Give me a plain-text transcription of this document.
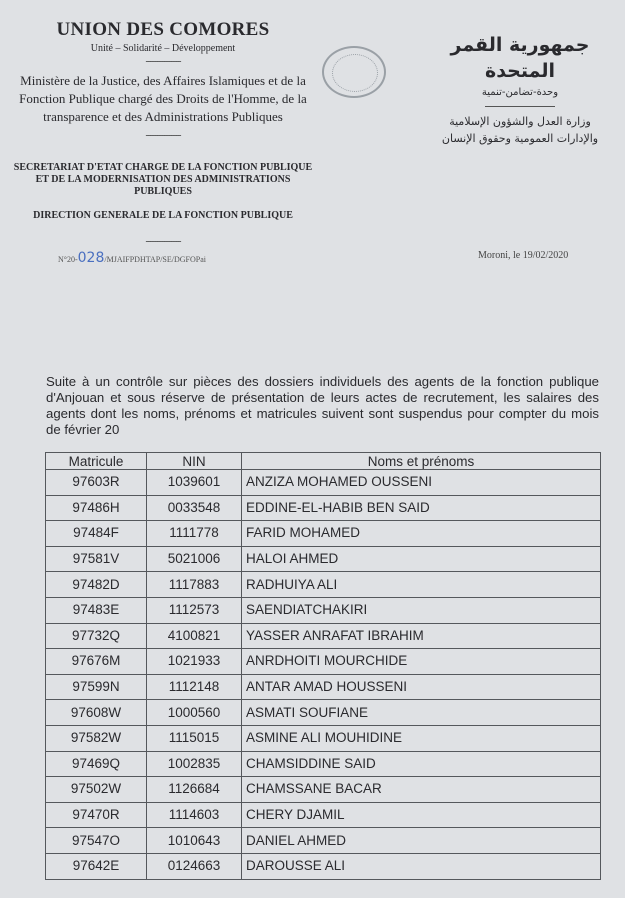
UNION DES COMORES
Unité – Solidarité – Développement
---------------
Ministère de la Justice, des Affaires Islamiques et de la Fonction Publique chargé des Droits de l'Homme, de la transparence et des Administrations Publiques
---------------
SECRETARIAT D'ETAT CHARGE DE LA FONCTION PUBLIQUE ET DE LA MODERNISATION DES ADMINISTRATIONS PUBLIQUES
DIRECTION GENERALE DE LA FONCTION PUBLIQUE
---------------
N°20-028/MJAIFPDHTAP/SE/DGFOPai
جمهورية القمر المتحدة
وحدة-تضامن-تنمية
وزارة العدل والشؤون الإسلامية
والإدارات العمومية وحقوق الإنسان
Moroni, le 19/02/2020
Suite à un contrôle sur pièces des dossiers individuels des agents de la fonction publique d'Anjouan et sous réserve de présentation de leurs actes de recrutement, les salaires des agents dont les noms, prénoms et matricules suivent sont suspendus pour compter du mois de février 20
Matricule	NIN	Noms et prénoms
97603R	1039601	ANZIZA MOHAMED OUSSENI
97486H	0033548	EDDINE-EL-HABIB BEN SAID
97484F	1111778	FARID MOHAMED
97581V	5021006	HALOI AHMED
97482D	1117883	RADHUIYA ALI
97483E	1112573	SAENDIATCHAKIRI
97732Q	4100821	YASSER ANRAFAT IBRAHIM
97676M	1021933	ANRDHOITI MOURCHIDE
97599N	1112148	ANTAR AMAD HOUSSENI
97608W	1000560	ASMATI SOUFIANE
97582W	1115015	ASMINE ALI MOUHIDINE
97469Q	1002835	CHAMSIDDINE SAID
97502W	1126684	CHAMSSANE BACAR
97470R	1114603	CHERY DJAMIL
97547O	1010643	DANIEL AHMED
97642E	0124663	DAROUSSE ALI
